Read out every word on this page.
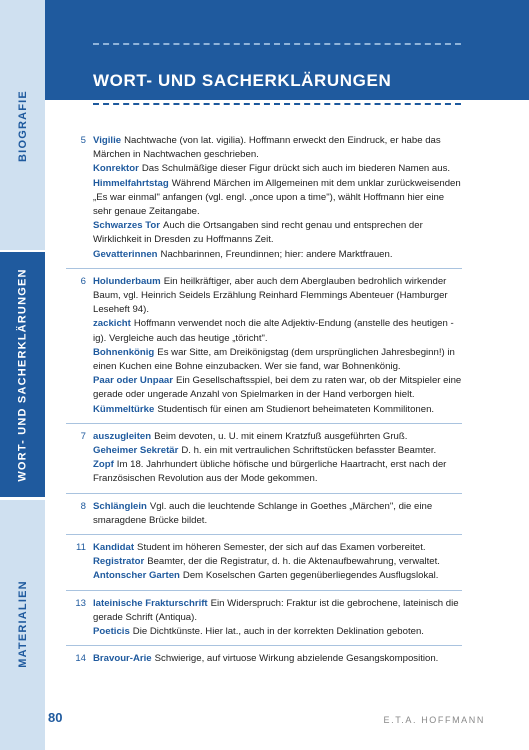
BIOGRAFIE
WORT- UND SACHERKLÄRUNGEN
MATERIALIEN
WORT- UND SACHERKLÄRUNGEN
5 Vigilie Nachtwache (von lat. vigilia). Hoffmann erweckt den Eindruck, er habe das Märchen in Nachtwachen geschrieben.

Konrektor Das Schulmäßige dieser Figur drückt sich auch im biederen Namen aus.

Himmelfahrtstag Während Märchen im Allgemeinen mit dem unklar zurückweisenden „Es war einmal" anfangen (vgl. engl. „once upon a time"), wählt Hoffmann hier eine sehr genaue Zeitangabe.

Schwarzes Tor Auch die Ortsangaben sind recht genau und entsprechen der Wirklichkeit in Dresden zu Hoffmanns Zeit.

Gevatterinnen Nachbarinnen, Freundinnen; hier: andere Marktfrauen.

6 Holunderbaum Ein heilkräftiger, aber auch dem Aberglauben bedrohlich wirkender Baum, vgl. Heinrich Seidels Erzählung Reinhard Flemmings Abenteuer (Hamburger Leseheft 94).

zackicht Hoffmann verwendet noch die alte Adjektiv-Endung (anstelle des heutigen -ig). Vergleiche auch das heutige „töricht".

Bohnenkönig Es war Sitte, am Dreikönigstag (dem ursprünglichen Jahresbeginn!) in einen Kuchen eine Bohne einzubacken. Wer sie fand, war Bohnenkönig.

Paar oder Unpaar Ein Gesellschaftsspiel, bei dem zu raten war, ob der Mitspieler eine gerade oder ungerade Anzahl von Spielmarken in der Hand verborgen hielt.

Kümmeltürke Studentisch für einen am Studienort beheimateten Kommilitonen.

7 auszugleiten Beim devoten, u. U. mit einem Kratzfuß ausgeführten Gruß.

Geheimer Sekretär D. h. ein mit vertraulichen Schriftstücken befasster Beamter.

Zopf Im 18. Jahrhundert übliche höfische und bürgerliche Haartracht, erst nach der Französischen Revolution aus der Mode gekommen.

8 Schlänglein Vgl. auch die leuchtende Schlange in Goethes „Märchen", die eine smaragdene Brücke bildet.

11 Kandidat Student im höheren Semester, der sich auf das Examen vorbereitet.

Registrator Beamter, der die Registratur, d. h. die Aktenaufbewahrung, verwaltet.

Antonscher Garten Dem Koselschen Garten gegenüberliegendes Ausflugslokal.

13 lateinische Frakturschrift Ein Widerspruch: Fraktur ist die gebrochene, lateinisch die gerade Schrift (Antiqua).

Poeticis Die Dichtkünste. Hier lat., auch in der korrekten Deklination geboten.

14 Bravour-Arie Schwierige, auf virtuose Wirkung abzielende Gesangskomposition.

80	E.T.A. HOFFMANN
